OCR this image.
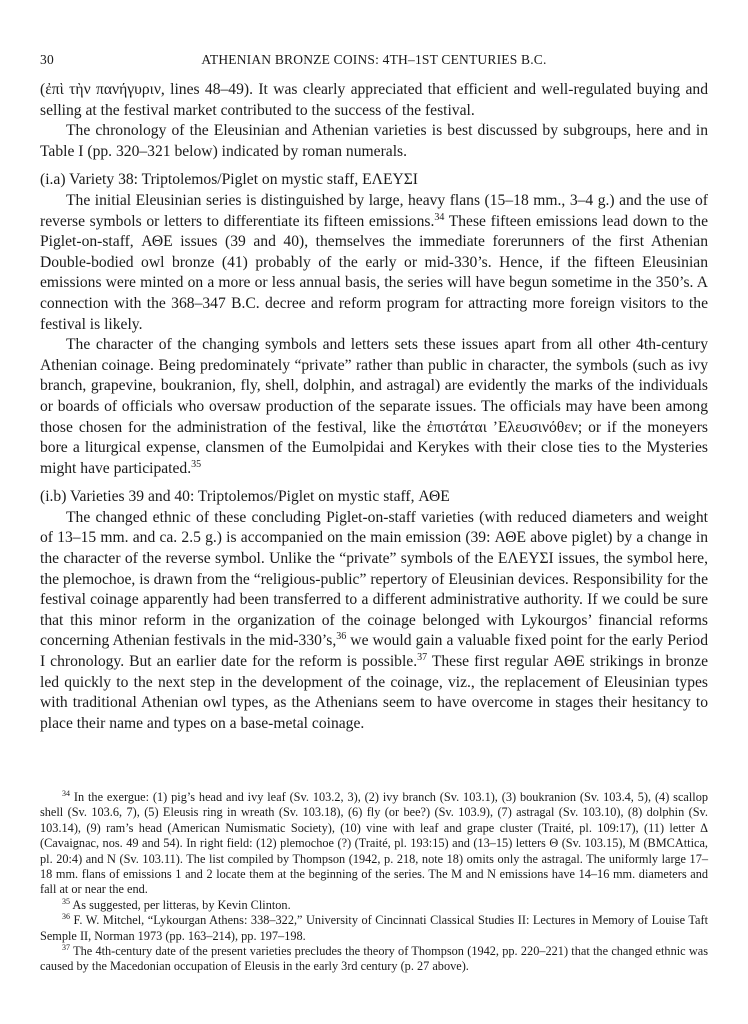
30	ATHENIAN BRONZE COINS: 4TH–1ST CENTURIES B.C.

(ἐπὶ τὴν πανήγυριν, lines 48–49). It was clearly appreciated that efficient and well-regulated buying and selling at the festival market contributed to the success of the festival.

The chronology of the Eleusinian and Athenian varieties is best discussed by subgroups, here and in Table I (pp. 320–321 below) indicated by roman numerals.

(i.a) Variety 38: Triptolemos/Piglet on mystic staff, ΕΛΕΥΣΙ

The initial Eleusinian series is distinguished by large, heavy flans (15–18 mm., 3–4 g.) and the use of reverse symbols or letters to differentiate its fifteen emissions.$^{34}$ These fifteen emissions lead down to the Piglet-on-staff, ΑΘΕ issues (39 and 40), themselves the immediate forerunners of the first Athenian Double-bodied owl bronze (41) probably of the early or mid-330’s. Hence, if the fifteen Eleusinian emissions were minted on a more or less annual basis, the series will have begun sometime in the 350’s. A connection with the 368–347 B.C. decree and reform program for attracting more foreign visitors to the festival is likely.

The character of the changing symbols and letters sets these issues apart from all other 4th-century Athenian coinage. Being predominately “private” rather than public in character, the symbols (such as ivy branch, grapevine, boukranion, fly, shell, dolphin, and astragal) are evidently the marks of the individuals or boards of officials who oversaw production of the separate issues. The officials may have been among those chosen for the administration of the festival, like the ἐπιστάται ’Ελευσινόθεν; or if the moneyers bore a liturgical expense, clansmen of the Eumolpidai and Kerykes with their close ties to the Mysteries might have participated.$^{35}$

(i.b) Varieties 39 and 40: Triptolemos/Piglet on mystic staff, ΑΘΕ

The changed ethnic of these concluding Piglet-on-staff varieties (with reduced diameters and weight of 13–15 mm. and ca. 2.5 g.) is accompanied on the main emission (39: ΑΘΕ above piglet) by a change in the character of the reverse symbol. Unlike the “private” symbols of the ΕΛΕΥΣΙ issues, the symbol here, the plemochoe, is drawn from the “religious-public” repertory of Eleusinian devices. Responsibility for the festival coinage apparently had been transferred to a different administrative authority. If we could be sure that this minor reform in the organization of the coinage belonged with Lykourgos’ financial reforms concerning Athenian festivals in the mid-330’s,$^{36}$ we would gain a valuable fixed point for the early Period I chronology. But an earlier date for the reform is possible.$^{37}$ These first regular ΑΘΕ strikings in bronze led quickly to the next step in the development of the coinage, viz., the replacement of Eleusinian types with traditional Athenian owl types, as the Athenians seem to have overcome in stages their hesitancy to place their name and types on a base-metal coinage.

$^{34}$ In the exergue: (1) pig’s head and ivy leaf (Sv. 103.2, 3), (2) ivy branch (Sv. 103.1), (3) boukranion (Sv. 103.4, 5), (4) scallop shell (Sv. 103.6, 7), (5) Eleusis ring in wreath (Sv. 103.18), (6) fly (or bee?) (Sv. 103.9), (7) astragal (Sv. 103.10), (8) dolphin (Sv. 103.14), (9) ram’s head (American Numismatic Society), (10) vine with leaf and grape cluster (Traité, pl. 109:17), (11) letter Δ (Cavaignac, nos. 49 and 54). In right field: (12) plemochoe (?) (Traité, pl. 193:15) and (13–15) letters Θ (Sv. 103.15), M (BMCAttica, pl. 20:4) and N (Sv. 103.11). The list compiled by Thompson (1942, p. 218, note 18) omits only the astragal. The uniformly large 17–18 mm. flans of emissions 1 and 2 locate them at the beginning of the series. The M and N emissions have 14–16 mm. diameters and fall at or near the end.

$^{35}$ As suggested, per litteras, by Kevin Clinton.

$^{36}$ F. W. Mitchel, “Lykourgan Athens: 338–322,” University of Cincinnati Classical Studies II: Lectures in Memory of Louise Taft Semple II, Norman 1973 (pp. 163–214), pp. 197–198.

$^{37}$ The 4th-century date of the present varieties precludes the theory of Thompson (1942, pp. 220–221) that the changed ethnic was caused by the Macedonian occupation of Eleusis in the early 3rd century (p. 27 above).
